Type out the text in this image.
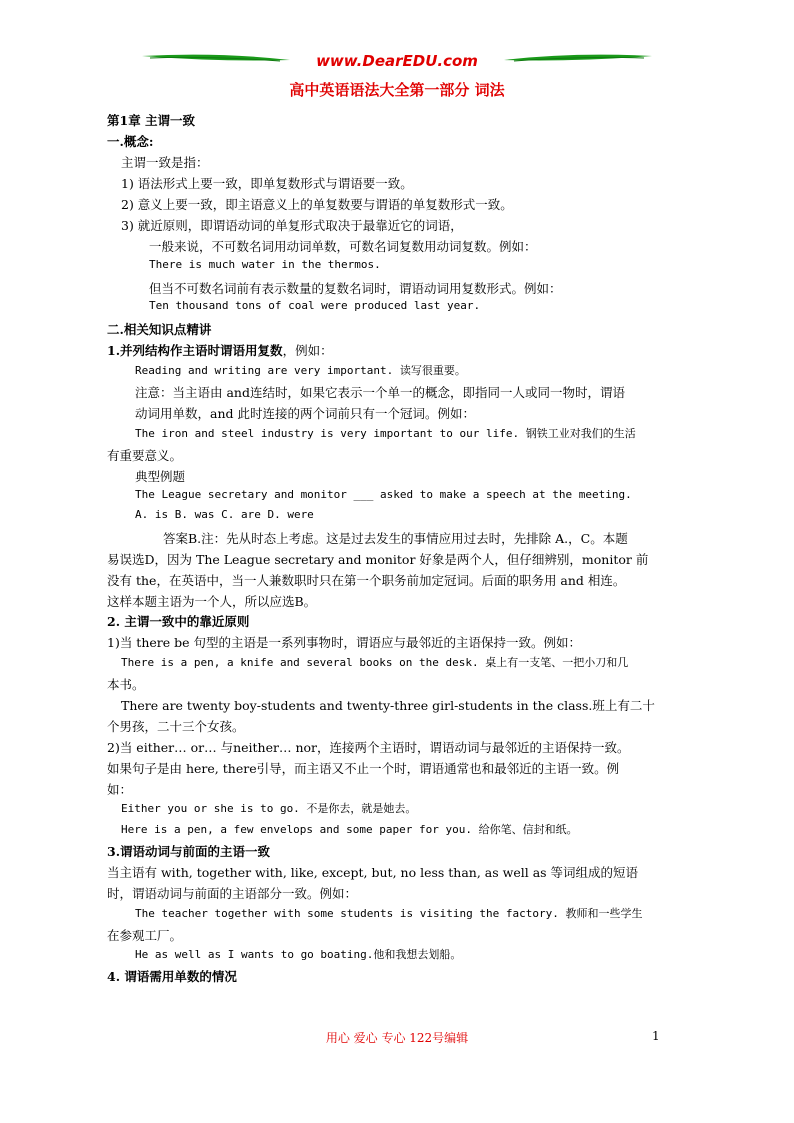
www.DearEDU.com
高中英语语法大全第一部分 词法
第1章 主谓一致
一.概念:
主谓一致是指：
1) 语法形式上要一致，即单复数形式与谓语要一致。
2) 意义上要一致，即主语意义上的单复数要与谓语的单复数形式一致。
3) 就近原则，即谓语动词的单复形式取决于最靠近它的词语，
一般来说，不可数名词用动词单数，可数名词复数用动词复数。例如：
There is much water in the thermos.
但当不可数名词前有表示数量的复数名词时，谓语动词用复数形式。例如：
Ten thousand tons of coal were produced last year.
二.相关知识点精讲
1.并列结构作主语时谓语用复数，例如：
Reading and writing are very important. 读写很重要。
注意：当主语由 and连结时，如果它表示一个单一的概念，即指同一人或同一物时，谓语
动词用单数，and 此时连接的两个词前只有一个冠词。例如：
The iron and steel industry is very important to our life. 钢铁工业对我们的生活
有重要意义。
典型例题
The League secretary and monitor ___ asked to make a speech at the meeting.
A. is B. was C. are D. were
答案B.注：先从时态上考虑。这是过去发生的事情应用过去时，先排除 A.，C。本题
易误选D，因为 The League secretary and monitor 好象是两个人，但仔细辨别，monitor 前
没有 the，在英语中，当一人兼数职时只在第一个职务前加定冠词。后面的职务用 and 相连。
这样本题主语为一个人，所以应选B。
2. 主谓一致中的靠近原则
1)当 there be 句型的主语是一系列事物时，谓语应与最邻近的主语保持一致。例如：
There is a pen, a knife and several books on the desk. 桌上有一支笔、一把小刀和几
本书。
There are twenty boy-students and twenty-three girl-students in the class.班上有二十
个男孩，二十三个女孩。
2)当 either… or… 与neither… nor，连接两个主语时，谓语动词与最邻近的主语保持一致。
如果句子是由 here, there引导，而主语又不止一个时，谓语通常也和最邻近的主语一致。例
如：
Either you or she is to go. 不是你去，就是她去。
Here is a pen, a few envelops and some paper for you. 给你笔、信封和纸。
3.谓语动词与前面的主语一致
当主语有 with, together with, like, except, but, no less than, as well as 等词组成的短语
时，谓语动词与前面的主语部分一致。例如：
The teacher together with some students is visiting the factory. 教师和一些学生
在参观工厂。
He as well as I wants to go boating.他和我想去划船。
4. 谓语需用单数的情况
用心 爱心 专心 122号编辑	1
